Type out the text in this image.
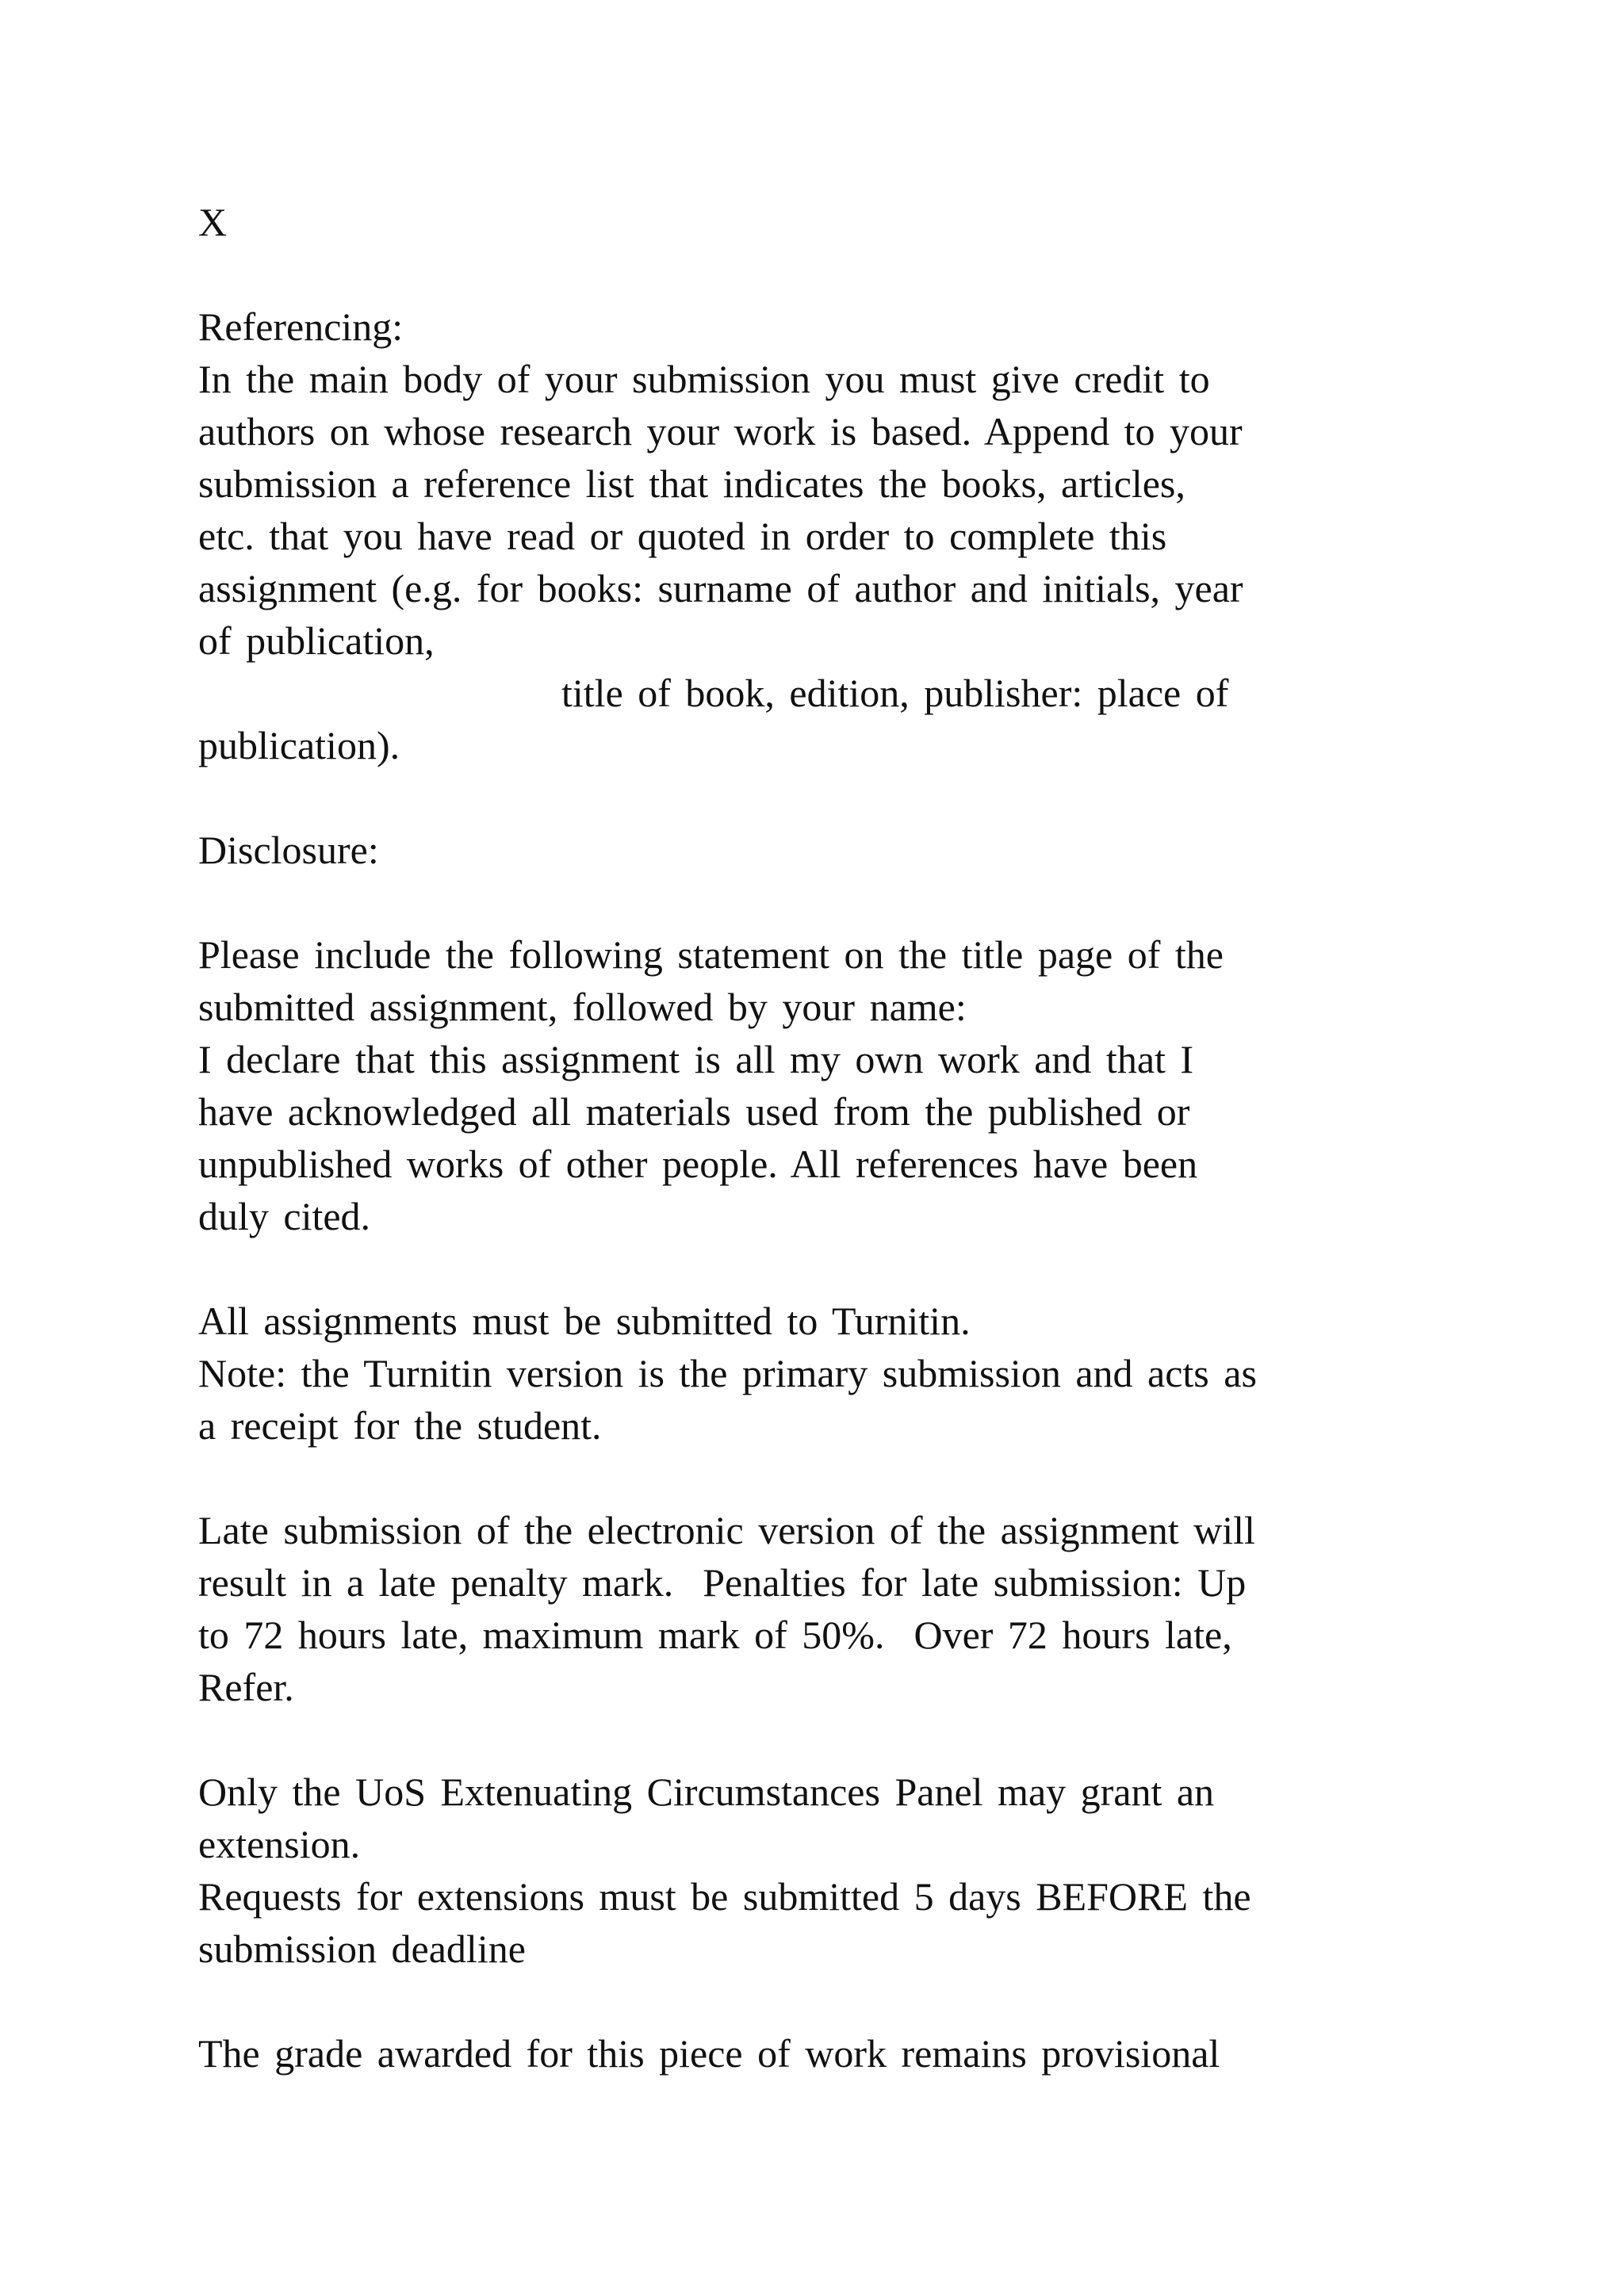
X

Referencing:

In the main body of your submission you must give credit to

authors on whose research your work is based. Append to your

submission a reference list that indicates the books, articles,

etc. that you have read or quoted in order to complete this

assignment (e.g. for books: surname of author and initials, year

of publication,

title of book, edition, publisher: place of

publication).

Disclosure:

Please include the following statement on the title page of the

submitted assignment, followed by your name:

I declare that this assignment is all my own work and that I

have acknowledged all materials used from the published or

unpublished works of other people. All references have been

duly cited.

All assignments must be submitted to Turnitin.

Note: the Turnitin version is the primary submission and acts as

a receipt for the student.

Late submission of the electronic version of the assignment will

result in a late penalty mark.  Penalties for late submission: Up

to 72 hours late, maximum mark of 50%.  Over 72 hours late,

Refer.

Only the UoS Extenuating Circumstances Panel may grant an

extension.

Requests for extensions must be submitted 5 days BEFORE the

submission deadline

The grade awarded for this piece of work remains provisional
